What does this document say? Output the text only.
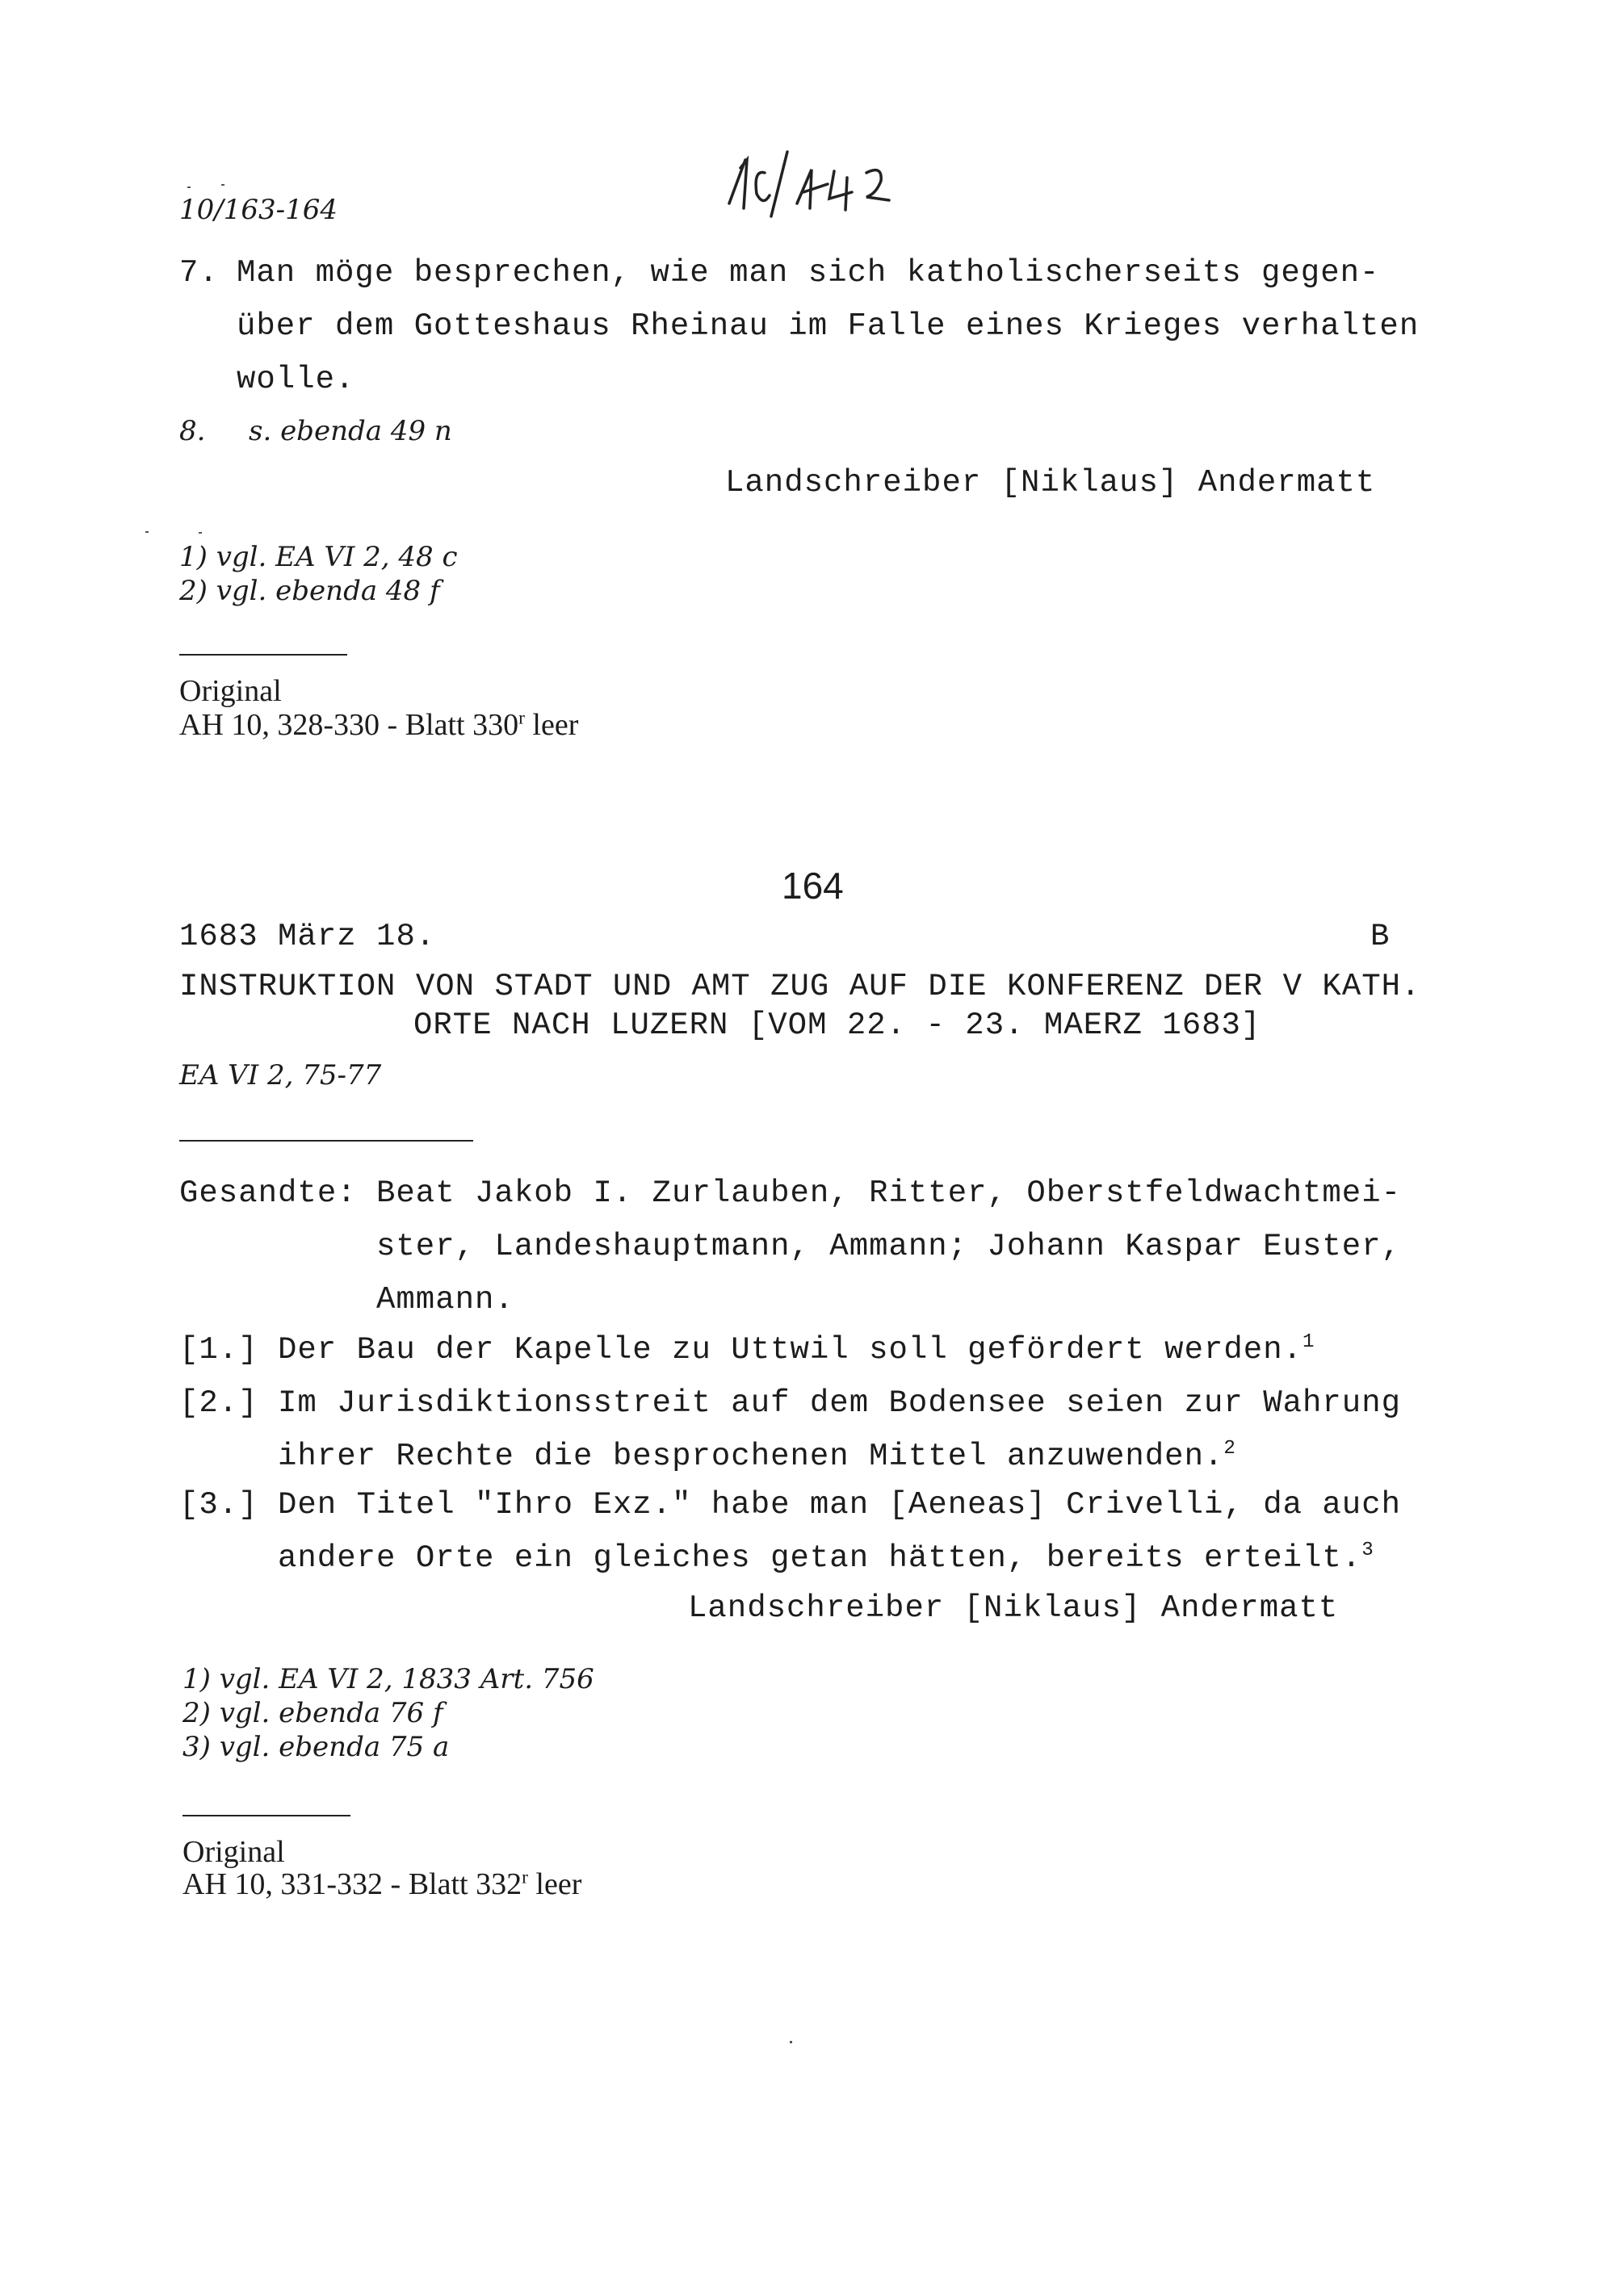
10/163-164
7. Man möge besprechen, wie man sich katholischerseits gegen-
über dem Gotteshaus Rheinau im Falle eines Krieges verhalten
wolle.
8. s. ebenda 49 n
Landschreiber [Niklaus] Andermatt
1) vgl. EA VI 2, 48 c
2) vgl. ebenda 48 f
Original
AH 10, 328-330 - Blatt 330$^r$ leer
164
1683 März 18.	B
INSTRUKTION VON STADT UND AMT ZUG AUF DIE KONFERENZ DER V KATH.
ORTE NACH LUZERN [VOM 22. - 23. MAERZ 1683]
EA VI 2, 75-77
Gesandte: Beat Jakob I. Zurlauben, Ritter, Oberstfeldwachtmei-
ster, Landeshauptmann, Ammann; Johann Kaspar Euster,
Ammann.
[1.] Der Bau der Kapelle zu Uttwil soll gefördert werden.$^1$
[2.] Im Jurisdiktionsstreit auf dem Bodensee seien zur Wahrung
ihrer Rechte die besprochenen Mittel anzuwenden.$^2$
[3.] Den Titel "Ihro Exz." habe man [Aeneas] Crivelli, da auch
andere Orte ein gleiches getan hätten, bereits erteilt.$^3$
Landschreiber [Niklaus] Andermatt
1) vgl. EA VI 2, 1833 Art. 756
2) vgl. ebenda 76 f
3) vgl. ebenda 75 a
Original
AH 10, 331-332 - Blatt 332$^r$ leer
